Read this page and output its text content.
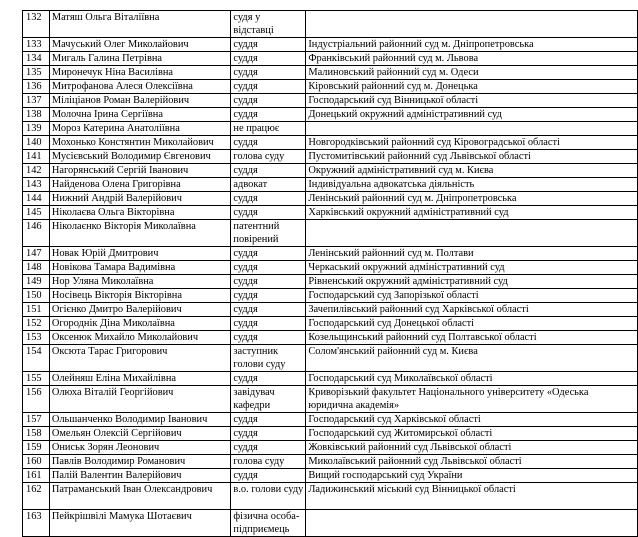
132	Матяш Ольга Віталіївна	судя у
відставці	

133	Мачуський Олег Миколайович	суддя	Індустріальний районний суд м. Дніпропетровська
134	Мигаль Галина Петрівна	суддя	Франківський районний суд м. Львова
135	Миронечук Ніна Василівна	суддя	Малиновський районний суд м. Одеси
136	Митрофанова Алеся Олексіївна	суддя	Кіровський районний суд м. Донецька
137	Міліціанов Роман Валерійович	суддя	Господарський суд Вінницької області
138	Молочна Ірина Сергіївна	суддя	Донецький окружний адміністративний суд
139	Мороз Катерина Анатоліївна	не працює	

140	Мохонько Констянтин Миколайович	суддя	Новгородківський районний суд Кіровоградської області
141	Мусієвський Володимир Євгенович	голова суду	Пустомитівський районний суд Львівської області
142	Нагорянський Сергій Іванович	суддя	Окружний адміністративний суд м. Києва
143	Найденова Олена Григорівна	адвокат	Індивідуальна адвокатська діяльність
144	Нижний Андрій Валерійович	суддя	Ленінський районний суд м. Дніпропетровська
145	Ніколаєва Ольга Вікторівна	суддя	Харківський окружний адміністративний суд
146	Ніколаєнко Вікторія Миколаївна	патентний
повірений	

147	Новак Юрій Дмитрович	суддя	Ленінський районний суд м. Полтави
148	Новікова Тамара Вадимівна	суддя	Черкаський окружний адміністративний суд
149	Нор Уляна Миколаївна	суддя	Рівненський окружний адміністративний суд
150	Носівець Вікторія Вікторівна	суддя	Господарський суд Запорізької області
151	Огієнко Дмитро Валерійович	суддя	Зачепилівський районний суд Харківської області
152	Огороднік Діна Миколаївна	суддя	Господарський суд Донецької області
153	Оксенюк Михайло Миколайович	суддя	Козельщинський районний суд Полтавської області
154	Оксюта Тарас Григорович	заступник
голови суду	Солом'янський районний суд м. Києва
155	Олейняш Еліна Михайлівна	суддя	Господарський суд Миколаївської області
156	Олюха Віталій Георгійович	завідувач
кафедри	Криворізький факультет Національного університету «Одеська
юридична академія»

157	Ольшанченко Володимир Іванович	суддя	Господарський суд Харківської області
158	Омельян Олексій Сергійович	суддя	Господарський суд Житомирської області
159	Ониськ Зорян Леонович	суддя	Жовківський районний суд Львівської області
160	Павлів Володимир Романович	голова суду	Миколаївський районний суд Львівської області
161	Палій Валентин Валерійович	суддя	Вищий господарський суд України
162	Патраманський Іван Олександрович	в.о. голови суду	Ладижинський міський суд Вінницької області
163	Пейкрішвілі Мамука Шотаєвич	фізична особа-
підприємець	
